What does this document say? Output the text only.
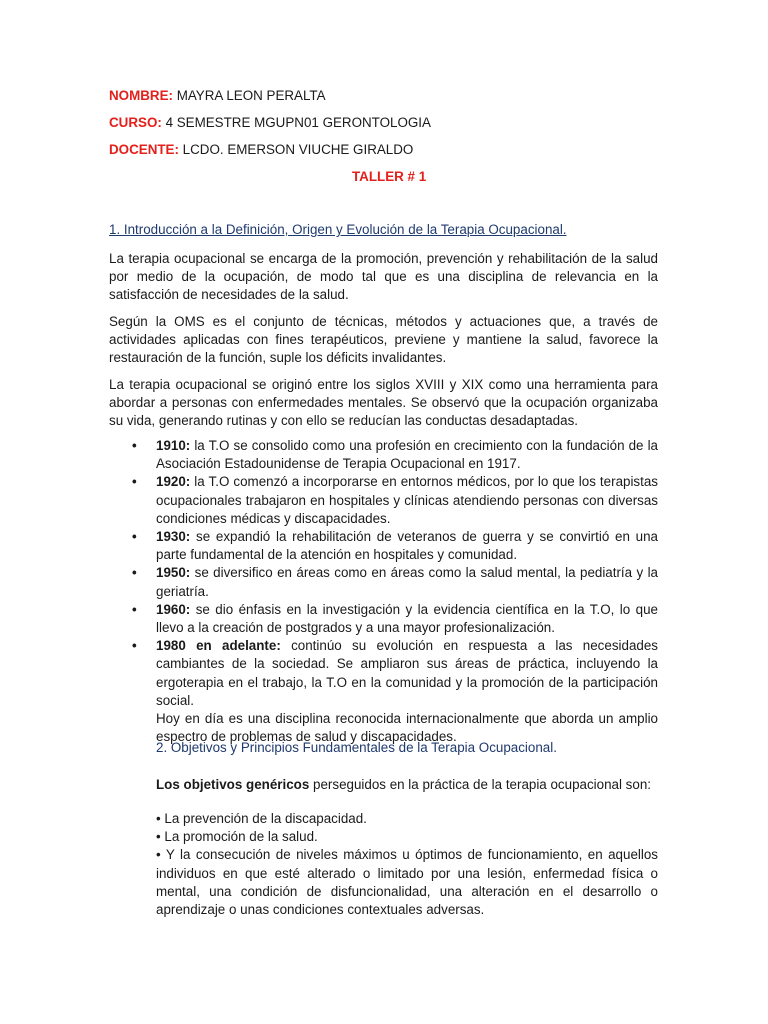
NOMBRE: MAYRA LEON PERALTA
CURSO: 4 SEMESTRE MGUPN01 GERONTOLOGIA
DOCENTE: LCDO. EMERSON VIUCHE GIRALDO
TALLER # 1
1. Introducción a la Definición, Origen y Evolución de la Terapia Ocupacional.
La terapia ocupacional se encarga de la promoción, prevención y rehabilitación de la salud por medio de la ocupación, de modo tal que es una disciplina de relevancia en la satisfacción de necesidades de la salud.
Según la OMS es el conjunto de técnicas, métodos y actuaciones que, a través de actividades aplicadas con fines terapéuticos, previene y mantiene la salud, favorece la restauración de la función, suple los déficits invalidantes.
La terapia ocupacional se originó entre los siglos XVIII y XIX como una herramienta para abordar a personas con enfermedades mentales. Se observó que la ocupación organizaba su vida, generando rutinas y con ello se reducían las conductas desadaptadas.
• 1910: la T.O se consolido como una profesión en crecimiento con la fundación de la Asociación Estadounidense de Terapia Ocupacional en 1917.
• 1920: la T.O comenzó a incorporarse en entornos médicos, por lo que los terapistas ocupacionales trabajaron en hospitales y clínicas atendiendo personas con diversas condiciones médicas y discapacidades.
• 1930: se expandió la rehabilitación de veteranos de guerra y se convirtió en una parte fundamental de la atención en hospitales y comunidad.
• 1950: se diversifico en áreas como en áreas como la salud mental, la pediatría y la geriatría.
• 1960: se dio énfasis en la investigación y la evidencia científica en la T.O, lo que llevo a la creación de postgrados y a una mayor profesionalización.
• 1980 en adelante: continúo su evolución en respuesta a las necesidades cambiantes de la sociedad. Se ampliaron sus áreas de práctica, incluyendo la ergoterapia en el trabajo, la T.O en la comunidad y la promoción de la participación social.
Hoy en día es una disciplina reconocida internacionalmente que aborda un amplio espectro de problemas de salud y discapacidades.
2. Objetivos y Principios Fundamentales de la Terapia Ocupacional.
Los objetivos genéricos perseguidos en la práctica de la terapia ocupacional son:
• La prevención de la discapacidad.
• La promoción de la salud.
• Y la consecución de niveles máximos u óptimos de funcionamiento, en aquellos individuos en que esté alterado o limitado por una lesión, enfermedad física o mental, una condición de disfuncionalidad, una alteración en el desarrollo o aprendizaje o unas condiciones contextuales adversas.
